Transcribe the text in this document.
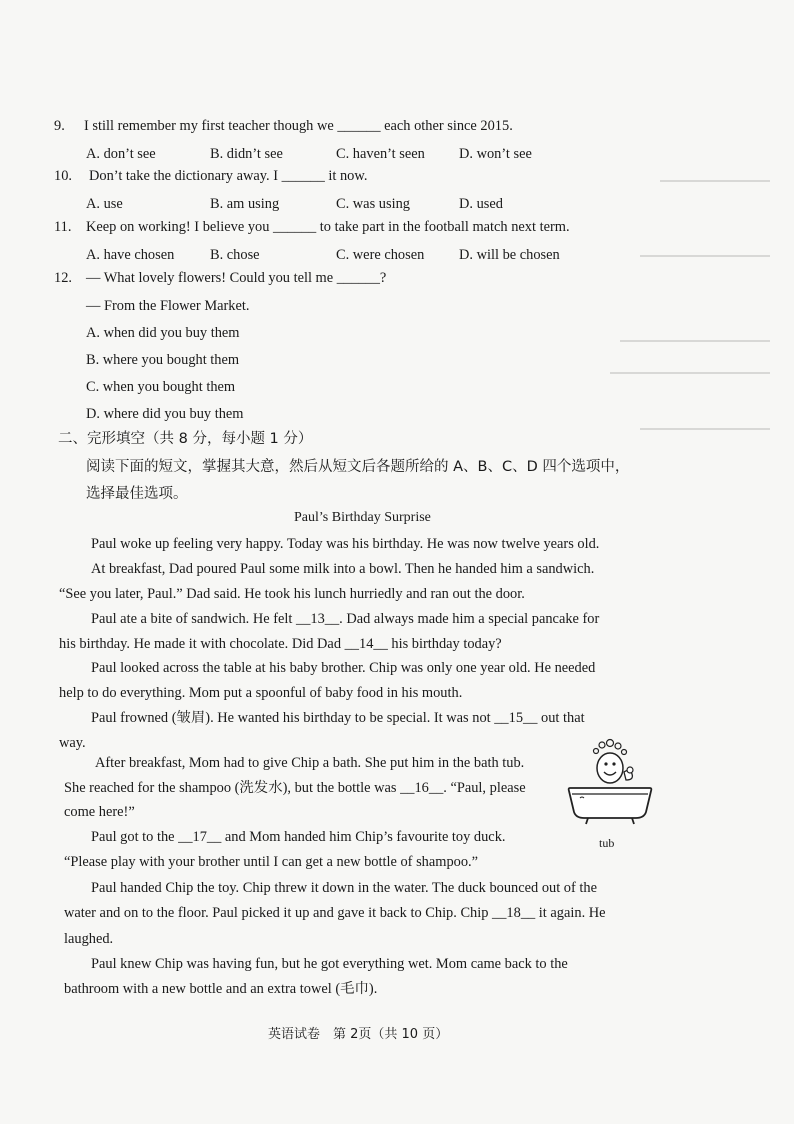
9. I still remember my first teacher though we ______ each other since 2015.
A. don’t see	B. didn’t see	C. haven’t seen D. won’t see
10. Don’t take the dictionary away. I ______ it now.
A. use	B. am using	C. was using	D. used
11. Keep on working! I believe you ______ to take part in the football match next term.
A. have chosen B. chose	C. were chosen D. will be chosen
12. — What lovely flowers! Could you tell me ______?
— From the Flower Market.
A. when did you buy them
B. where you bought them
C. when you bought them
D. where did you buy them
二、完形填空（共 8 分，每小题 1 分）
阅读下面的短文，掌握其大意，然后从短文后各题所给的 A、B、C、D 四个选项中，
选择最佳选项。
Paul’s Birthday Surprise
Paul woke up feeling very happy. Today was his birthday. He was now twelve years old.
At breakfast, Dad poured Paul some milk into a bowl. Then he handed him a sandwich.
“See you later, Paul.” Dad said. He took his lunch hurriedly and ran out the door.
Paul ate a bite of sandwich. He felt __13__. Dad always made him a special pancake for
his birthday. He made it with chocolate. Did Dad __14__ his birthday today?
Paul looked across the table at his baby brother. Chip was only one year old. He needed
help to do everything. Mom put a spoonful of baby food in his mouth.
Paul frowned (皱眉). He wanted his birthday to be special. It was not __15__ out that
way.
After breakfast, Mom had to give Chip a bath. She put him in the bath tub.
She reached for the shampoo (洗发水), but the bottle was __16__. “Paul, please
come here!”
Paul got to the __17__ and Mom handed him Chip’s favourite toy duck.
“Please play with your brother until I can get a new bottle of shampoo.”
Paul handed Chip the toy. Chip threw it down in the water. The duck bounced out of the
water and on to the floor. Paul picked it up and gave it back to Chip. Chip __18__ it again. He
laughed.
Paul knew Chip was having fun, but he got everything wet. Mom came back to the
bathroom with a new bottle and an extra towel (毛巾).
tub
英语试卷　第 2页（共 10 页）
